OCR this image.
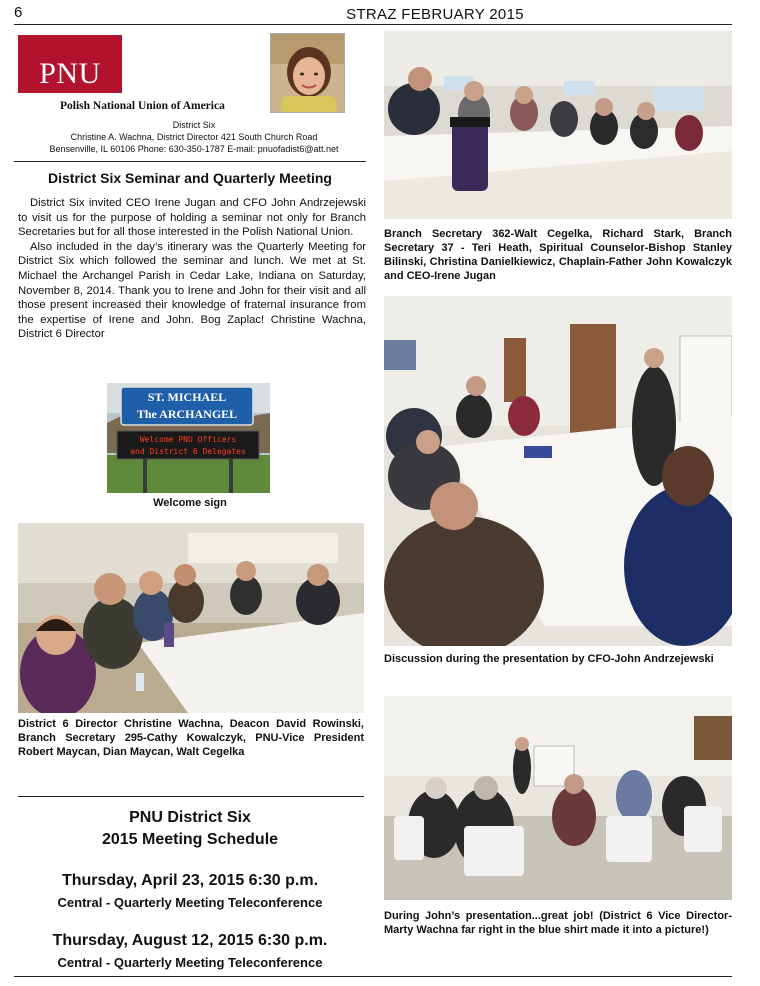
6	STRAZ FEBRUARY 2015
PNU
Polish National Union of America
District Six
Christine A. Wachna, District Director 421 South Church Road
Bensenville, IL 60106 Phone: 630-350-1787 E-mail: pnuofadist6@att.net
District Six Seminar and Quarterly Meeting

District Six invited CEO Irene Jugan and CFO John Andrzejewski to visit us for the purpose of holding a seminar not only for Branch Secretaries but for all those interested in the Polish National Union.

Also included in the day’s itinerary was the Quarterly Meeting for District Six which followed the seminar and lunch. We met at St. Michael the Archangel Parish in Cedar Lake, Indiana on Saturday, November 8, 2014. Thank you to Irene and John for their visit and all those present increased their knowledge of fraternal insurance from the expertise of Irene and John. Bog Zaplac! Christine Wachna, District 6 Director

ST. MICHAEL
The ARCHANGEL
Welcome PNU Officers
and District 6 Delegates
Welcome sign
District 6 Director Christine Wachna, Deacon David Rowinski, Branch Secretary 295-Cathy Kowalczyk, PNU-Vice President Robert Maycan, Dian Maycan, Walt Cegelka
PNU District Six
2015 Meeting Schedule
Thursday, April 23, 2015 6:30 p.m.
Central - Quarterly Meeting Teleconference
Thursday, August 12, 2015 6:30 p.m.
Central - Quarterly Meeting Teleconference
Branch Secretary 362-Walt Cegelka, Richard Stark, Branch Secretary 37 - Teri Heath, Spiritual Counselor-Bishop Stanley Bilinski, Christina Danielkiewicz, Chaplain-Father John Kowalczyk and CEO-Irene Jugan
Discussion during the presentation by CFO-John Andrzejewski
During John’s presentation...great job! (District 6 Vice Director-Marty Wachna far right in the blue shirt made it into a picture!)
